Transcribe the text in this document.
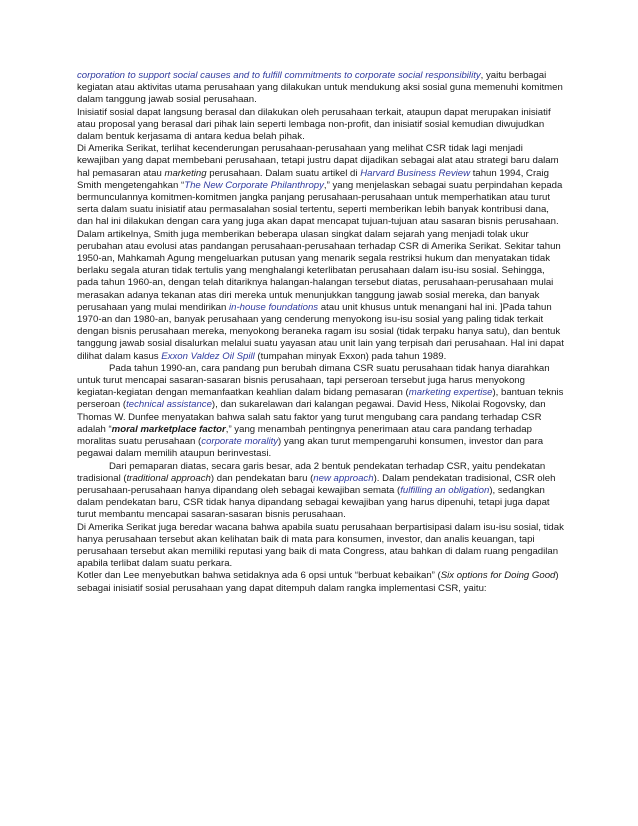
corporation to support social causes and to fulfill commitments to corporate social responsibility, yaitu berbagai kegiatan atau aktivitas utama perusahaan yang dilakukan untuk mendukung aksi sosial guna memenuhi komitmen dalam tanggung jawab sosial perusahaan.

Inisiatif sosial dapat langsung berasal dan dilakukan oleh perusahaan terkait, ataupun dapat merupakan inisiatif atau proposal yang berasal dari pihak lain seperti lembaga non-profit, dan inisiatif sosial kemudian diwujudkan dalam bentuk kerjasama di antara kedua belah pihak.

Di Amerika Serikat, terlihat kecenderungan perusahaan-perusahaan yang melihat CSR tidak lagi menjadi kewajiban yang dapat membebani perusahaan, tetapi justru dapat dijadikan sebagai alat atau strategi baru dalam hal pemasaran atau marketing perusahaan. Dalam suatu artikel di Harvard Business Review tahun 1994, Craig Smith mengetengahkan “The New Corporate Philanthropy,” yang menjelaskan sebagai suatu perpindahan kepada bermunculannya komitmen-komitmen jangka panjang perusahaan-perusahaan untuk memperhatikan atau turut serta dalam suatu inisiatif atau permasalahan sosial tertentu, seperti memberikan lebih banyak kontribusi dana, dan hal ini dilakukan dengan cara yang juga akan dapat mencapat tujuan-tujuan atau sasaran bisnis perusahaan.

Dalam artikelnya, Smith juga memberikan beberapa ulasan singkat dalam sejarah yang menjadi tolak ukur perubahan atau evolusi atas pandangan perusahaan-perusahaan terhadap CSR di Amerika Serikat. Sekitar tahun 1950-an, Mahkamah Agung mengeluarkan putusan yang menarik segala restriksi hukum dan menyatakan tidak berlaku segala aturan tidak tertulis yang menghalangi keterlibatan perusahaan dalam isu-isu sosial. Sehingga, pada tahun 1960-an, dengan telah ditariknya halangan-halangan tersebut diatas, perusahaan-perusahaan mulai merasakan adanya tekanan atas diri mereka untuk menunjukkan tanggung jawab sosial mereka, dan banyak perusahaan yang mulai mendirikan in-house foundations atau unit khusus untuk menangani hal ini. ]Pada tahun 1970-an dan 1980-an, banyak perusahaan yang cenderung menyokong isu-isu sosial yang paling tidak terkait dengan bisnis perusahaan mereka, menyokong beraneka ragam isu sosial (tidak terpaku hanya satu), dan bentuk tanggung jawab sosial disalurkan melalui suatu yayasan atau unit lain yang terpisah dari perusahaan. Hal ini dapat dilihat dalam kasus Exxon Valdez Oil Spill (tumpahan minyak Exxon) pada tahun 1989.

Pada tahun 1990-an, cara pandang pun berubah dimana CSR suatu perusahaan tidak hanya diarahkan untuk turut mencapai sasaran-sasaran bisnis perusahaan, tapi perseroan tersebut juga harus menyokong kegiatan-kegiatan dengan memanfaatkan keahlian dalam bidang pemasaran (marketing expertise), bantuan teknis perseroan (technical assistance), dan sukarelawan dari kalangan pegawai. David Hess, Nikolai Rogovsky, dan Thomas W. Dunfee menyatakan bahwa salah satu faktor yang turut mengubang cara pandang terhadap CSR adalah “moral marketplace factor,” yang menambah pentingnya penerimaan atau cara pandang terhadap moralitas suatu perusahaan (corporate morality) yang akan turut mempengaruhi konsumen, investor dan para pegawai dalam memilih ataupun berinvestasi.

Dari pemaparan diatas, secara garis besar, ada 2 bentuk pendekatan terhadap CSR, yaitu pendekatan tradisional (traditional approach) dan pendekatan baru (new approach). Dalam pendekatan tradisional, CSR oleh perusahaan-perusahaan hanya dipandang oleh sebagai kewajiban semata (fulfilling an obligation), sedangkan dalam pendekatan baru, CSR tidak hanya dipandang sebagai kewajiban yang harus dipenuhi, tetapi juga dapat turut membantu mencapai sasaran-sasaran bisnis perusahaan.

Di Amerika Serikat juga beredar wacana bahwa apabila suatu perusahaan berpartisipasi dalam isu-isu sosial, tidak hanya perusahaan tersebut akan kelihatan baik di mata para konsumen, investor, dan analis keuangan, tapi perusahaan tersebut akan memiliki reputasi yang baik di mata Congress, atau bahkan di dalam ruang pengadilan apabila terlibat dalam suatu perkara.

Kotler dan Lee menyebutkan bahwa setidaknya ada 6 opsi untuk “berbuat kebaikan” (Six options for Doing Good) sebagai inisiatif sosial perusahaan yang dapat ditempuh dalam rangka implementasi CSR, yaitu:
